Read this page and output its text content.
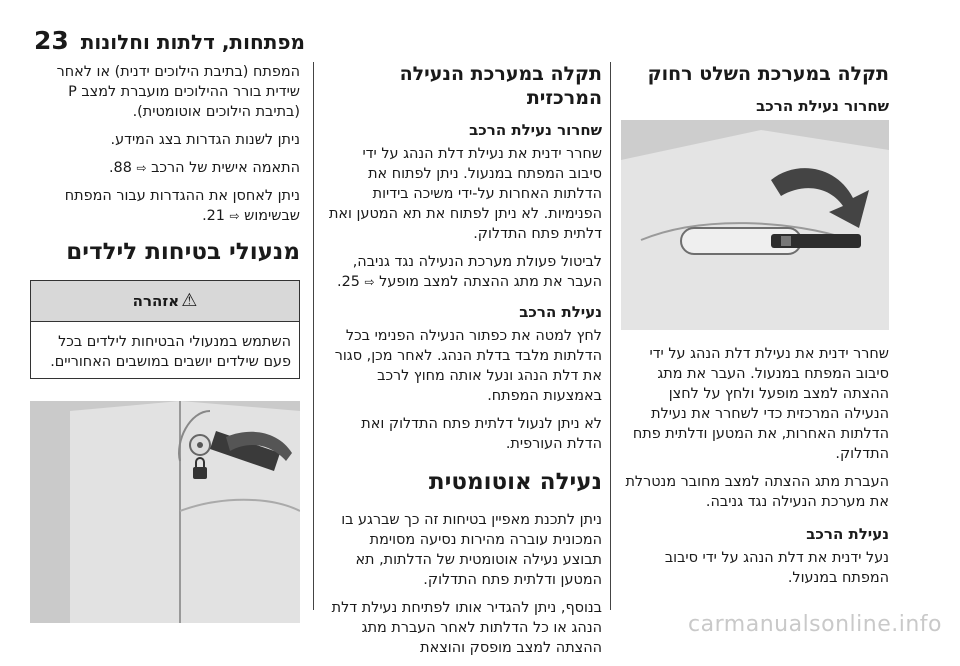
23 מפתחות, דלתות וחלונות
תקלה במערכת השלט רחוק
שחרור נעילת הרכב

שחרר ידנית את נעילת דלת הנהג על ידי סיבוב המפתח במנעול. העבר את מתג ההצתה למצב מופעל ולחץ על לחצן הנעילה המרכזית כדי לשחרר את נעילת הדלתות האחרות, את המטען ודלתית פתח התדלוק.

העברת מתג ההצתה למצב מחובר מנטרלת את מערכת הנעילה נגד גניבה.

נעילת הרכב

נעל ידנית את דלת הנהג על ידי סיבוב המפתח במנעול.

תקלה במערכת הנעילה המרכזית
שחרור נעילת הרכב

שחרר ידנית את נעילת דלת הנהג על ידי סיבוב המפתח במנעול. ניתן לפתוח את הדלתות האחרות על-ידי משיכה בידיות הפנימיות. לא ניתן לפתוח את תא המטען ואת דלתית פתח התדלוק.

לביטול פעולת מערכת הנעילה נגד גניבה, העבר את מתג ההצתה למצב מופעל ⇨ 25.

נעילת הרכב

לחץ למטה את כפתור הנעילה הפנימי בכל הדלתות מלבד בדלת הנהג. לאחר מכן, סגור את דלת הנהג ונעל אותה מחוץ לרכב באמצעות המפתח.

לא ניתן לנעול דלתית פתח התדלוק ואת הדלת העורפית.

נעילה אוטומטית

ניתן לתכנת מאפיין בטיחות זה כך שברגע בו המכונית עוברה מהירות נסיעה מסוימת תבוצע נעילה אוטומטית של הדלתות, תא המטען ודלתית פתח התדלוק.

בנוסף, ניתן להגדיר אותו לפתיחת נעילת דלת הנהג או כל הדלתות לאחר העברת מתג ההצתה למצב מופסק והוצאת

המפתח (בתיבת הילוכים ידנית) או לאחר שידית בורר ההילוכים מועברת למצב P (בתיבת הילוכים אוטומטית).

ניתן לשנות הגדרות בצג המידע.

התאמה אישית של הרכב ⇨ 88.

ניתן לאחסן את ההגדרות עבור המפתח שבשימוש ⇨ 21.

מנעולי בטיחות לילדים
⚠
אזהרה
השתמש במנעולי הבטיחות לילדים בכל פעם שילדים יושבים במושבים האחוריים.
carmanualsonline.info
